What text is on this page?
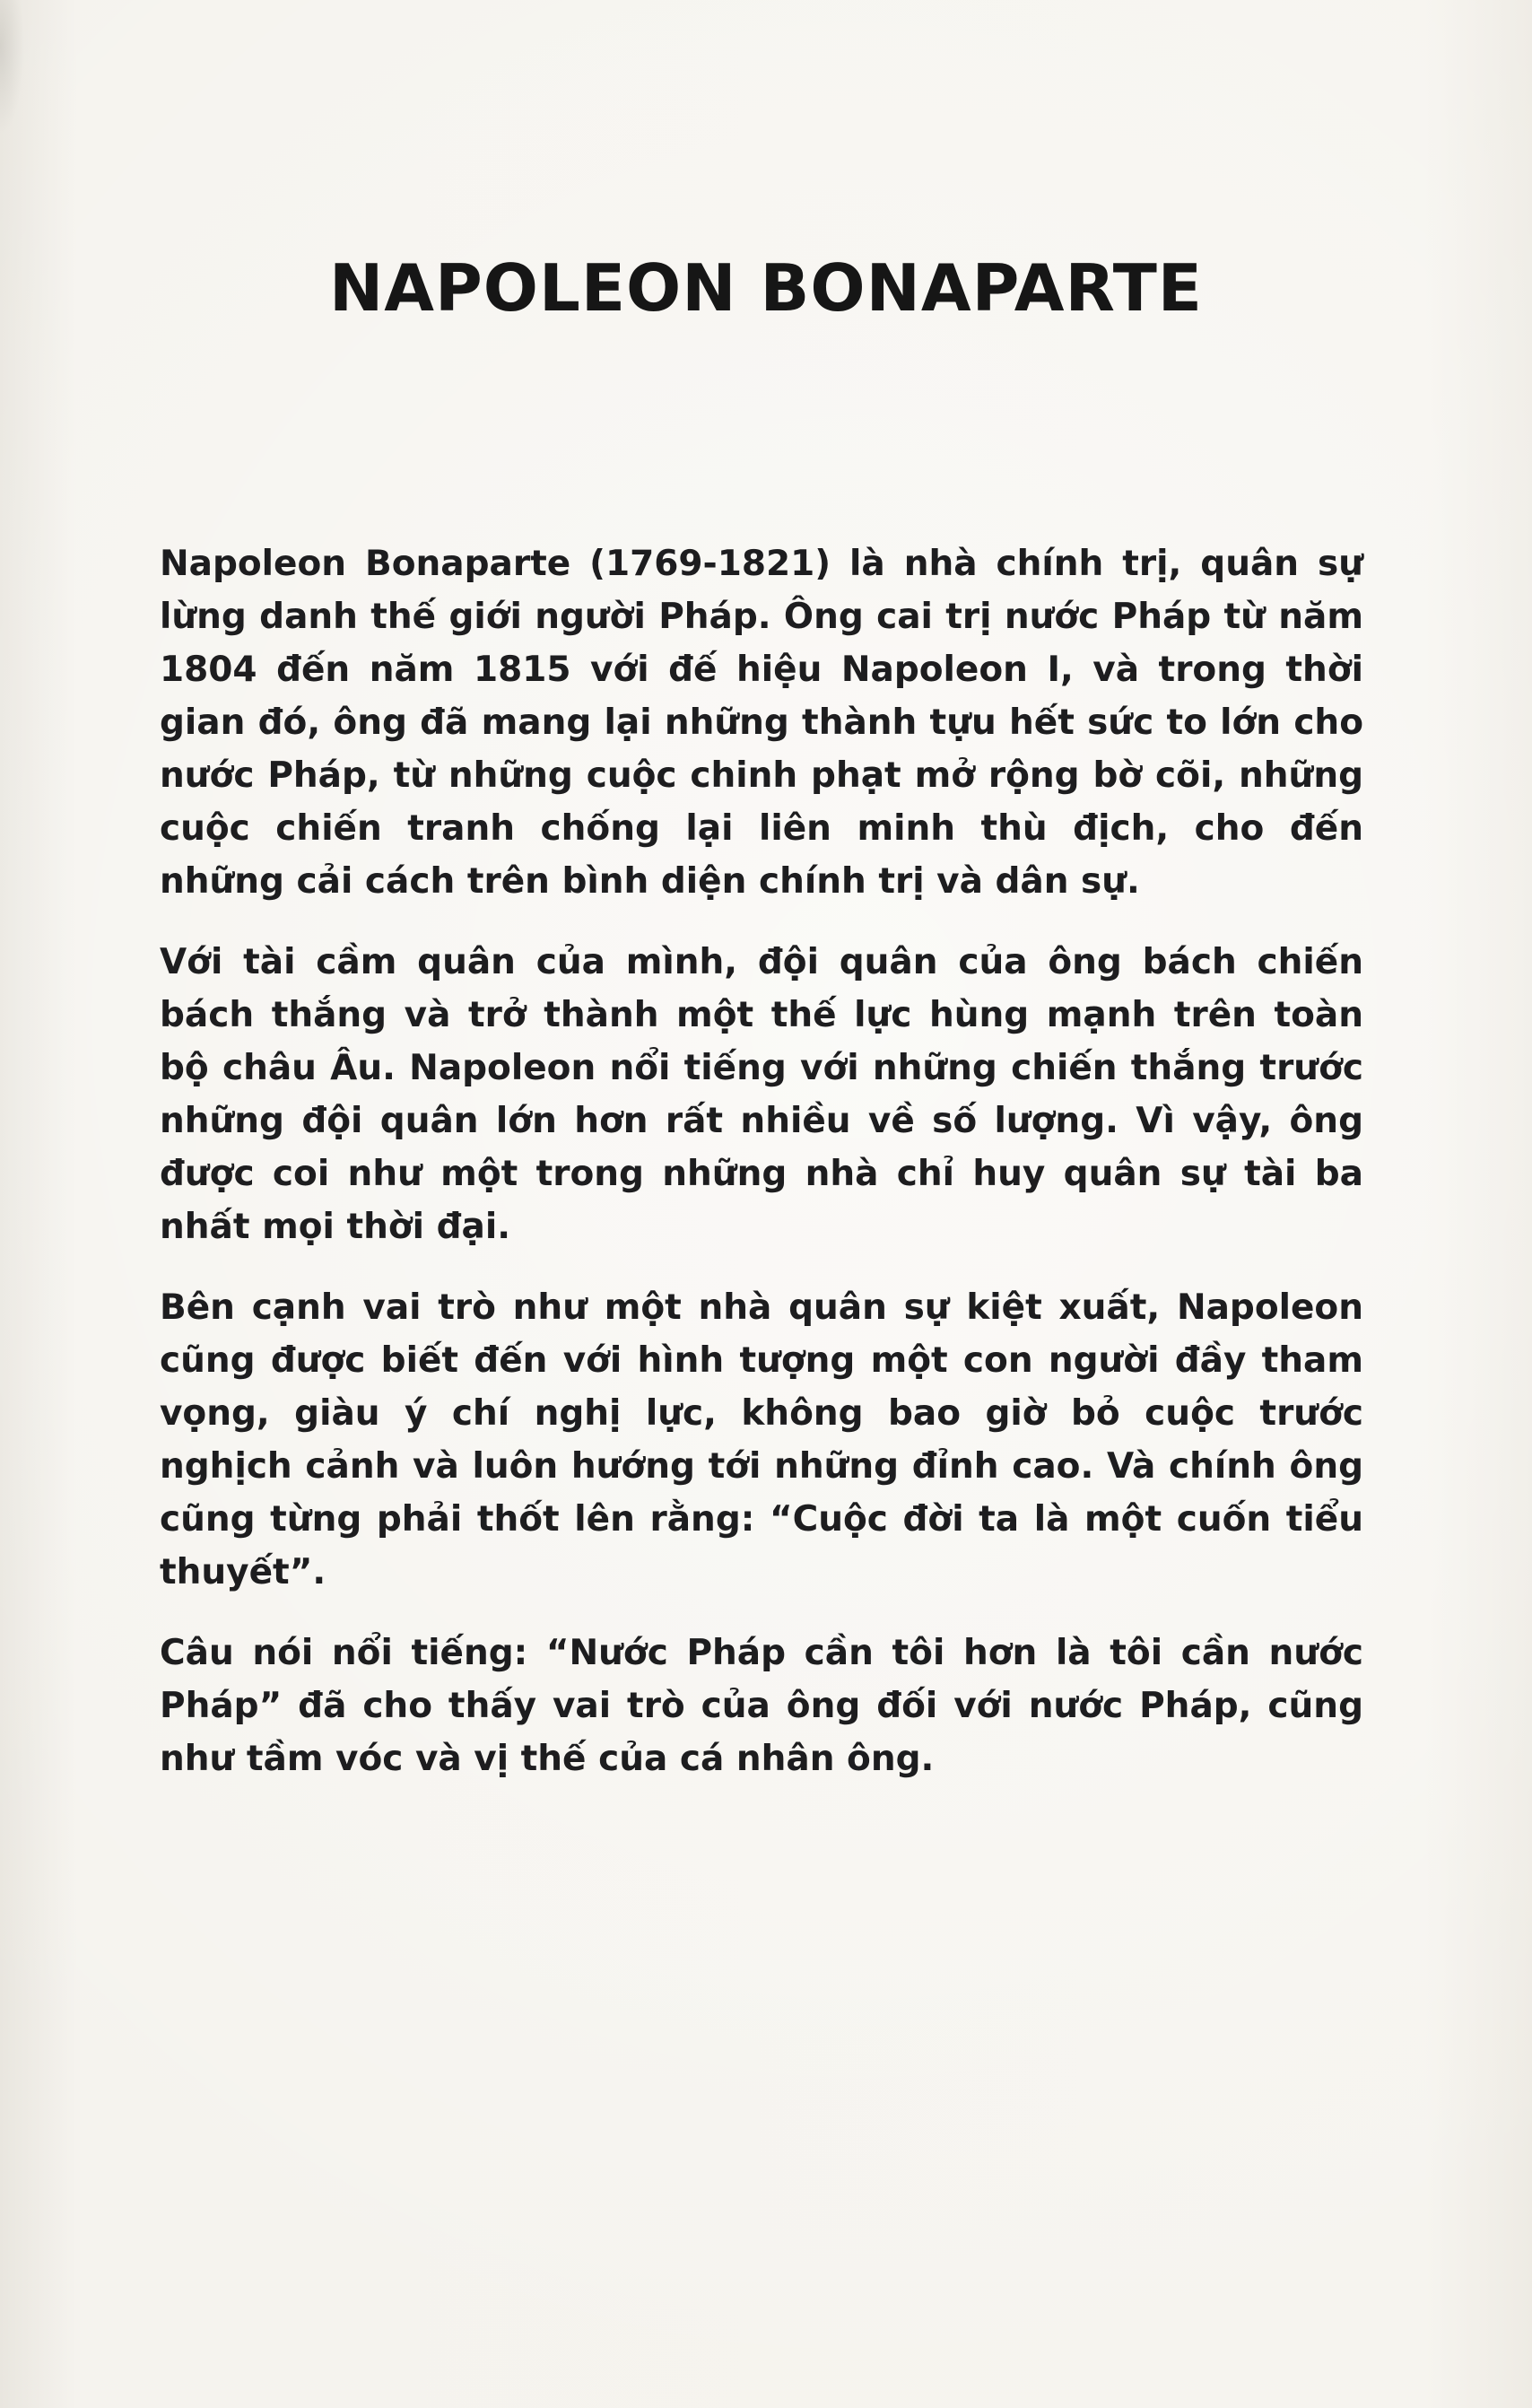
NAPOLEON BONAPARTE

Napoleon Bonaparte (1769-1821) là nhà chính trị, quân sự lừng danh thế giới người Pháp. Ông cai trị nước Pháp từ năm 1804 đến năm 1815 với đế hiệu Napoleon I, và trong thời gian đó, ông đã mang lại những thành tựu hết sức to lớn cho nước Pháp, từ những cuộc chinh phạt mở rộng bờ cõi, những cuộc chiến tranh chống lại liên minh thù địch, cho đến những cải cách trên bình diện chính trị và dân sự.

Với tài cầm quân của mình, đội quân của ông bách chiến bách thắng và trở thành một thế lực hùng mạnh trên toàn bộ châu Âu. Napoleon nổi tiếng với những chiến thắng trước những đội quân lớn hơn rất nhiều về số lượng. Vì vậy, ông được coi như một trong những nhà chỉ huy quân sự tài ba nhất mọi thời đại.

Bên cạnh vai trò như một nhà quân sự kiệt xuất, Napoleon cũng được biết đến với hình tượng một con người đầy tham vọng, giàu ý chí nghị lực, không bao giờ bỏ cuộc trước nghịch cảnh và luôn hướng tới những đỉnh cao. Và chính ông cũng từng phải thốt lên rằng: “Cuộc đời ta là một cuốn tiểu thuyết”.

Câu nói nổi tiếng: “Nước Pháp cần tôi hơn là tôi cần nước Pháp” đã cho thấy vai trò của ông đối với nước Pháp, cũng như tầm vóc và vị thế của cá nhân ông.
